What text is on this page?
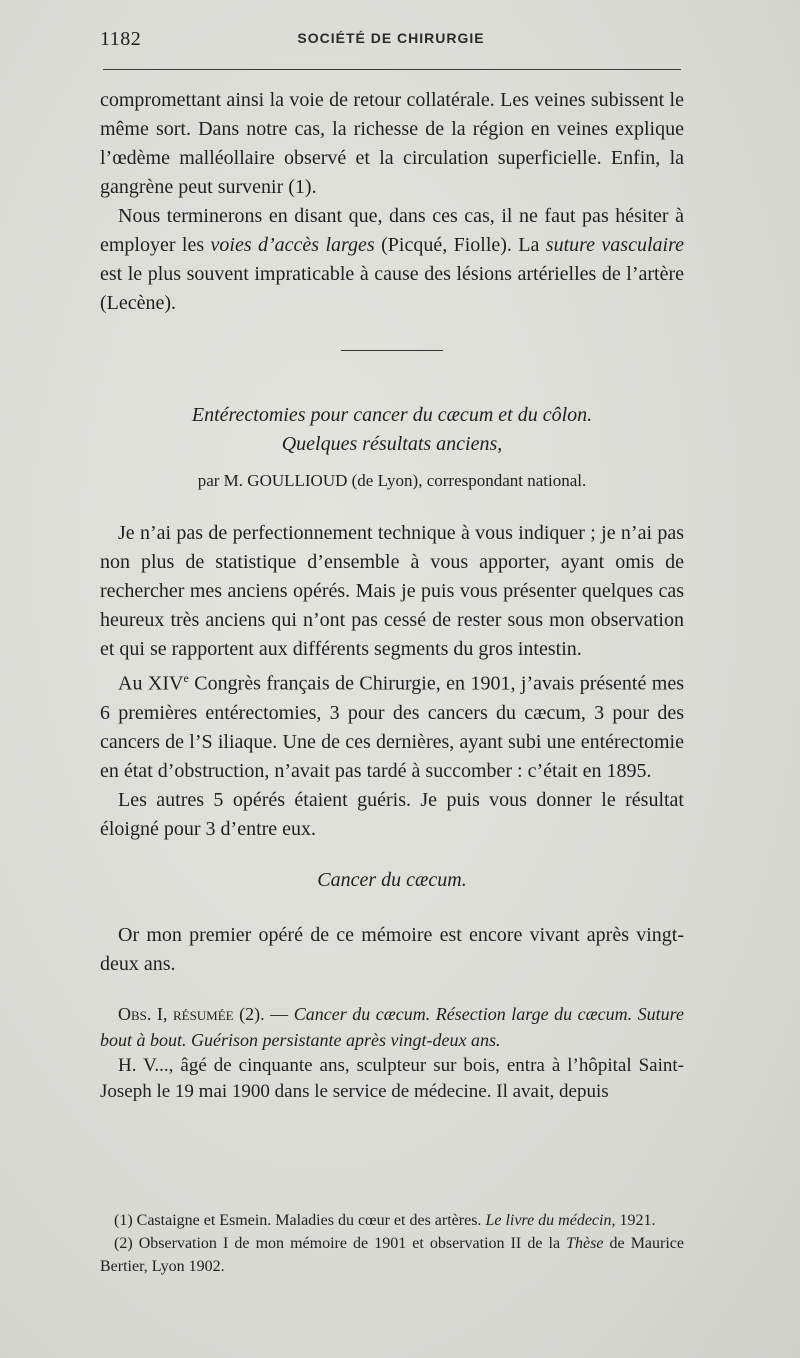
1182	SOCIÉTÉ DE CHIRURGIE

compromettant ainsi la voie de retour collatérale. Les veines subissent le même sort. Dans notre cas, la richesse de la région en veines explique l’œdème malléollaire observé et la circulation superficielle. Enfin, la gangrène peut survenir (1).

Nous terminerons en disant que, dans ces cas, il ne faut pas hésiter à employer les voies d’accès larges (Picqué, Fiolle). La suture vasculaire est le plus souvent impraticable à cause des lésions artérielles de l’artère (Lecène).

Entérectomies pour cancer du cæcum et du côlon.
Quelques résultats anciens,
par M. GOULLIOUD (de Lyon), correspondant national.

Je n’ai pas de perfectionnement technique à vous indiquer ; je n’ai pas non plus de statistique d’ensemble à vous apporter, ayant omis de rechercher mes anciens opérés. Mais je puis vous présenter quelques cas heureux très anciens qui n’ont pas cessé de rester sous mon observation et qui se rapportent aux différents segments du gros intestin.

Au XIVe Congrès français de Chirurgie, en 1901, j’avais présenté mes 6 premières entérectomies, 3 pour des cancers du cæcum, 3 pour des cancers de l’S iliaque. Une de ces dernières, ayant subi une entérectomie en état d’obstruction, n’avait pas tardé à succomber : c’était en 1895.

Les autres 5 opérés étaient guéris. Je puis vous donner le résultat éloigné pour 3 d’entre eux.

Cancer du cæcum.

Or mon premier opéré de ce mémoire est encore vivant après vingt-deux ans.

Obs. I, résumée (2). — Cancer du cæcum. Résection large du cæcum. Suture bout à bout. Guérison persistante après vingt-deux ans.

H. V..., âgé de cinquante ans, sculpteur sur bois, entra à l’hôpital Saint-Joseph le 19 mai 1900 dans le service de médecine. Il avait, depuis

(1) Castaigne et Esmein. Maladies du cœur et des artères. Le livre du médecin, 1921.

(2) Observation I de mon mémoire de 1901 et observation II de la Thèse de Maurice Bertier, Lyon 1902.
